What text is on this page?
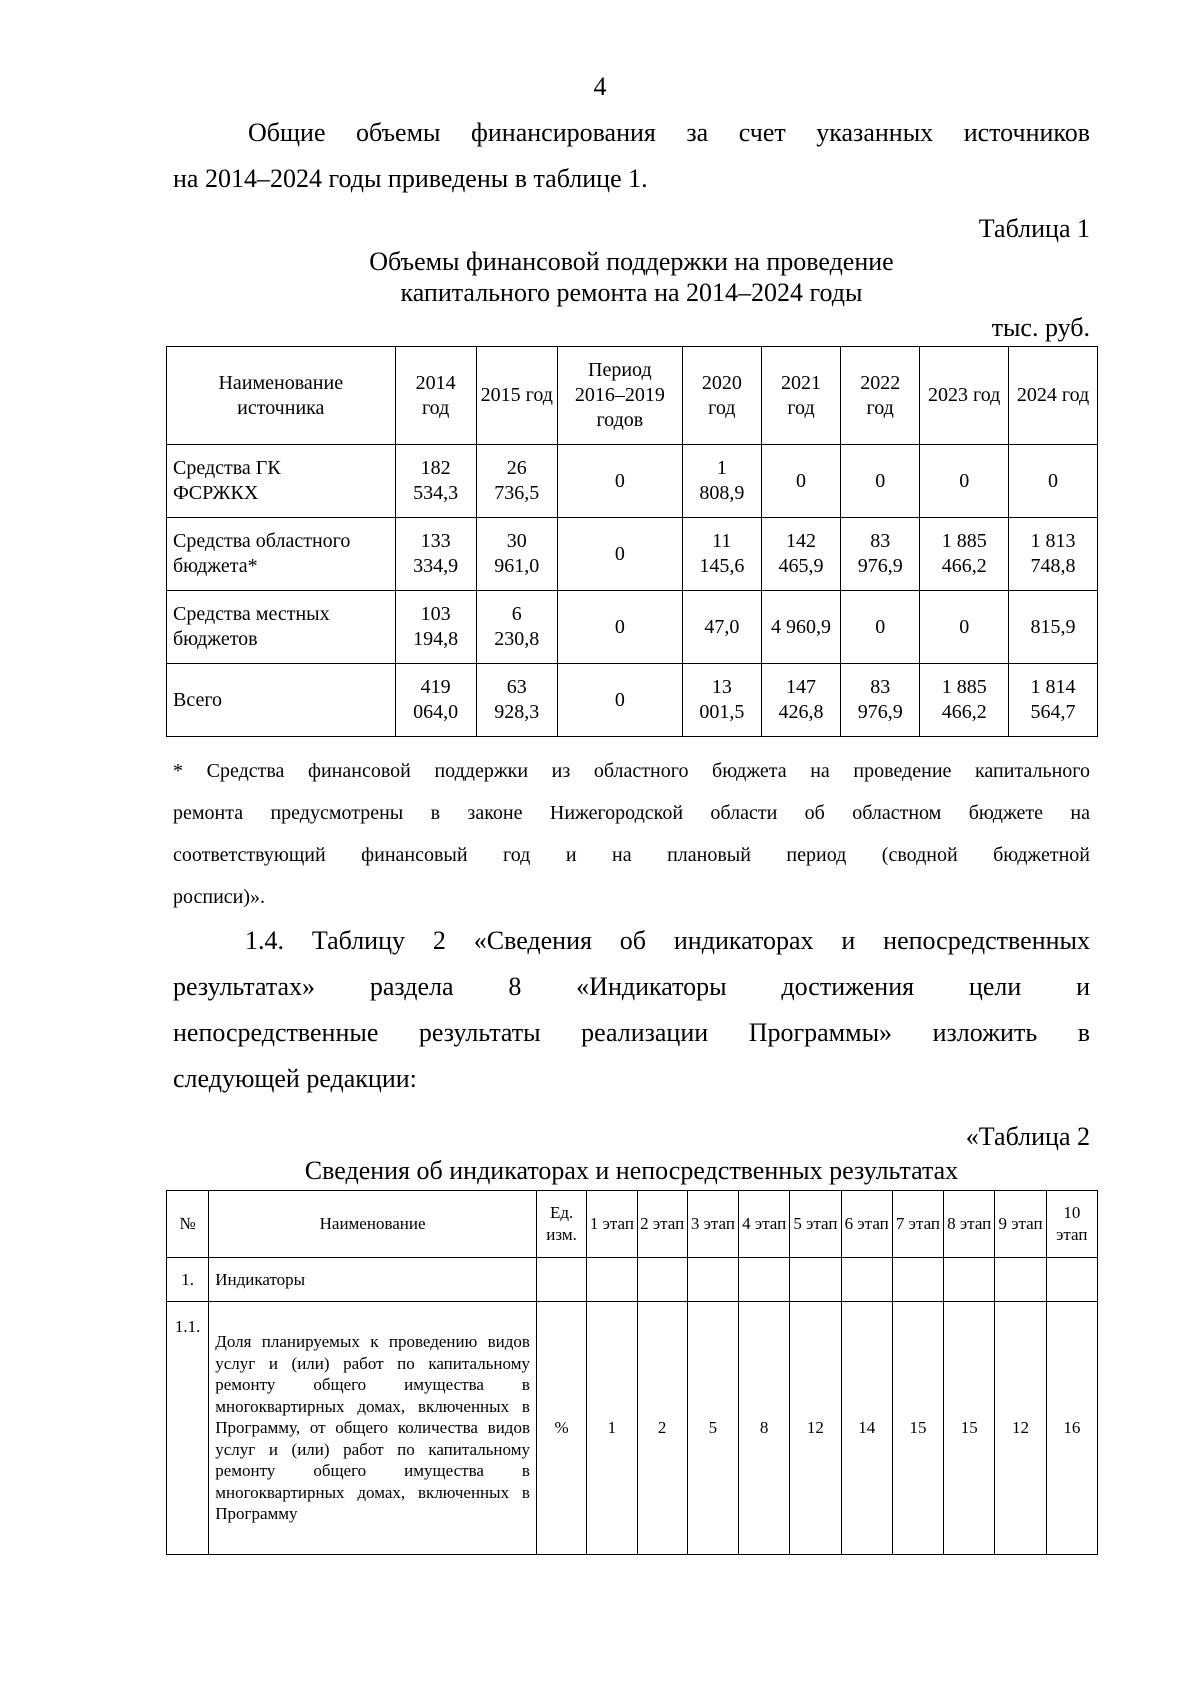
4
Общие объемы финансирования за счет указанных источников
на 2014–2024 годы приведены в таблице 1.
Таблица 1
Объемы финансовой поддержки на проведение
капитального ремонта на 2014–2024 годы
тыс. руб.
Наименование источника	2014 год	2015 год	Период 2016–2019 годов	2020 год	2021 год	2022 год	2023 год	2024 год
Средства ГК ФСРЖКХ	182 534,3	26 736,5	0	1 808,9	0	0	0	0
Средства областного бюджета*	133 334,9	30 961,0	0	11 145,6	142 465,9	83 976,9	1 885 466,2	1 813 748,8
Средства местных бюджетов	103 194,8	6 230,8	0	47,0	4 960,9	0	0	815,9
Всего	419 064,0	63 928,3	0	13 001,5	147 426,8	83 976,9	1 885 466,2	1 814 564,7
* Средства финансовой поддержки из областного бюджета на проведение капитального
ремонта предусмотрены в законе Нижегородской области об областном бюджете на
соответствующий финансовый год и на плановый период (сводной бюджетной
росписи)».
1.4. Таблицу 2 «Сведения об индикаторах и непосредственных
результатах» раздела 8 «Индикаторы достижения цели и
непосредственные результаты реализации Программы» изложить в
следующей редакции:
«Таблица 2
Сведения об индикаторах и непосредственных результатах
№	Наименование	Ед. изм.	1 этап	2 этап	3 этап	4 этап	5 этап	6 этап	7 этап	8 этап	9 этап	10 этап
1.	Индикаторы											
1.1.	Доля планируемых к проведению видов услуг и (или) работ по капитальному ремонту общего имущества в многоквартирных домах, включенных в Программу, от общего количества видов услуг и (или) работ по капитальному ремонту общего имущества в многоквартирных домах, включенных в Программу	%	1	2	5	8	12	14	15	15	12	16
